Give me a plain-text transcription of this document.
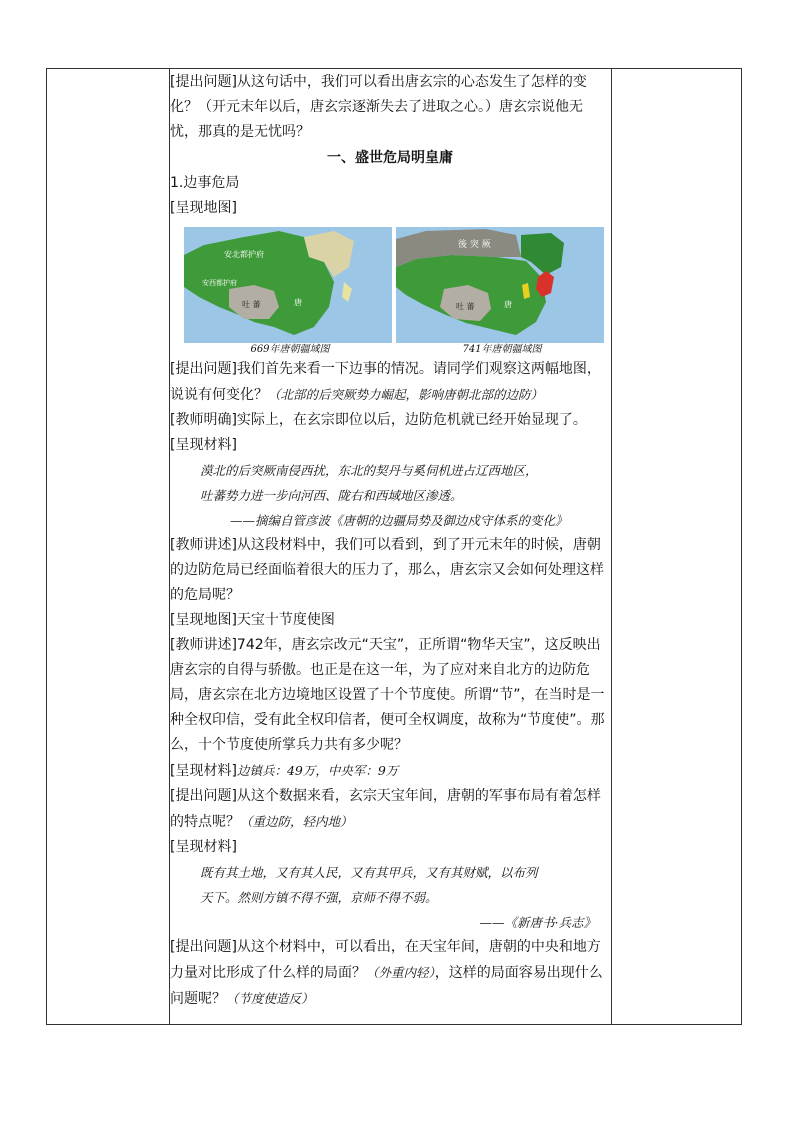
[提出问题]从这句话中，我们可以看出唐玄宗的心态发生了怎样的变化？（开元末年以后，唐玄宗逐渐失去了进取之心。）唐玄宗说他无忧，那真的是无忧吗？

一、盛世危局明皇庸

1.边事危局

[呈现地图]

安北都护府
安西都护府
吐 蕃	唐
後 突 厥
吐 蕃	唐
669年唐朝疆域图	741年唐朝疆域图

[提出问题]我们首先来看一下边事的情况。请同学们观察这两幅地图，说说有何变化？（北部的后突厥势力崛起，影响唐朝北部的边防）

[教师明确]实际上，在玄宗即位以后，边防危机就已经开始显现了。

[呈现材料]

漠北的后突厥南侵西扰，东北的契丹与奚伺机进占辽西地区，

吐蕃势力进一步向河西、陇右和西域地区渗透。

——摘编自管彦波《唐朝的边疆局势及御边戍守体系的变化》

[教师讲述]从这段材料中，我们可以看到，到了开元末年的时候，唐朝的边防危局已经面临着很大的压力了，那么，唐玄宗又会如何处理这样的危局呢？

[呈现地图]天宝十节度使图

[教师讲述]742年，唐玄宗改元“天宝”，正所谓“物华天宝”，这反映出唐玄宗的自得与骄傲。也正是在这一年，为了应对来自北方的边防危局，唐玄宗在北方边境地区设置了十个节度使。所谓“节”，在当时是一种全权印信，受有此全权印信者，便可全权调度，故称为“节度使”。那么，十个节度使所掌兵力共有多少呢？

[呈现材料]边镇兵：49万，中央军：9万

[提出问题]从这个数据来看，玄宗天宝年间，唐朝的军事布局有着怎样的特点呢？（重边防，轻内地）

[呈现材料]

既有其土地，又有其人民，又有其甲兵，又有其财赋，以布列

天下。然则方镇不得不强，京师不得不弱。

——《新唐书·兵志》

[提出问题]从这个材料中，可以看出，在天宝年间，唐朝的中央和地方力量对比形成了什么样的局面？（外重内轻），这样的局面容易出现什么问题呢？（节度使造反）
